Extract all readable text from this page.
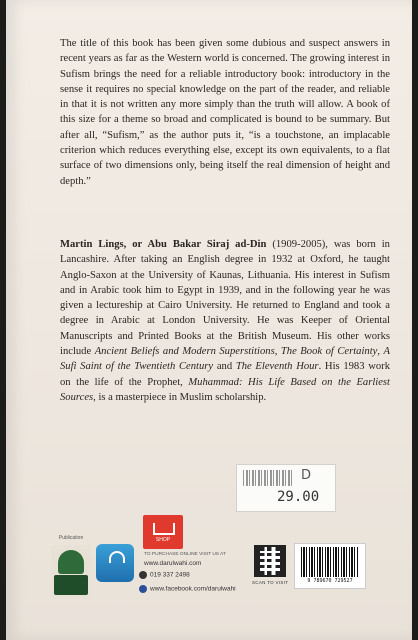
The title of this book has been given some dubious and suspect answers in recent years as far as the Western world is concerned. The growing interest in Sufism brings the need for a reliable introductory book: introductory in the sense it requires no special knowledge on the part of the reader, and reliable in that it is not written any more simply than the truth will allow. A book of this size for a theme so broad and complicated is bound to be summary. But after all, “Sufism,” as the author puts it, “is a touchstone, an implacable criterion which reduces everything else, except its own equivalents, to a flat surface of two dimensions only, being itself the real dimension of height and depth.”

Martin Lings, or Abu Bakar Siraj ad-Din (1909-2005), was born in Lancashire. After taking an English degree in 1932 at Oxford, he taught Anglo-Saxon at the University of Kaunas, Lithuania. His interest in Sufism and in Arabic took him to Egypt in 1939, and in the following year he was given a lectureship at Cairo University. He returned to England and took a degree in Arabic at London University. He was Keeper of Oriental Manuscripts and Printed Books at the British Museum. His other works include Ancient Beliefs and Modern Superstitions, The Book of Certainty, A Sufi Saint of the Twentieth Century and The Eleventh Hour. His 1983 work on the life of the Prophet, Muhammad: His Life Based on the Earliest Sources, is a masterpiece in Muslim scholarship.

D
29.00
Publication	SHOP
TO PURCHASE ONLINE VISIT US AT
www.darulwahi.com
019 337 2498
www.facebook.com/darulwahi
SCAN TO VISIT	9 789670 729527
